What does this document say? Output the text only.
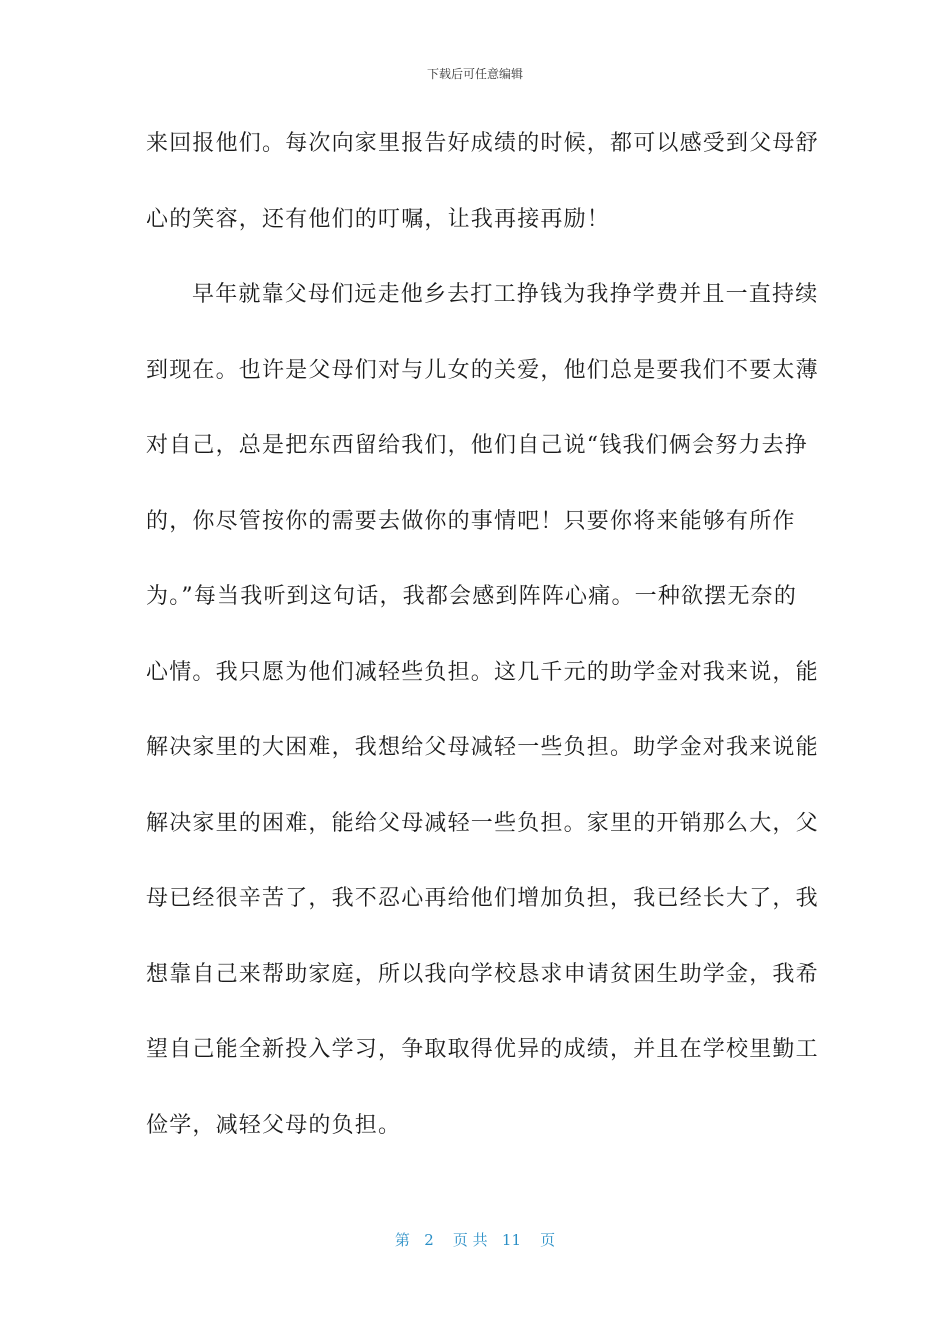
下载后可任意编辑
来回报他们。每次向家里报告好成绩的时候，都可以感受到父母舒
心的笑容，还有他们的叮嘱，让我再接再励！
早年就靠父母们远走他乡去打工挣钱为我挣学费并且一直持续
到现在。也许是父母们对与儿女的关爱，他们总是要我们不要太薄
对自己，总是把东西留给我们，他们自己说“钱我们俩会努力去挣
的，你尽管按你的需要去做你的事情吧！只要你将来能够有所作
为。”每当我听到这句话，我都会感到阵阵心痛。一种欲摆无奈的
心情。我只愿为他们减轻些负担。这几千元的助学金对我来说，能
解决家里的大困难，我想给父母减轻一些负担。助学金对我来说能
解决家里的困难，能给父母减轻一些负担。家里的开销那么大，父
母已经很辛苦了，我不忍心再给他们增加负担，我已经长大了，我
想靠自己来帮助家庭，所以我向学校恳求申请贫困生助学金，我希
望自己能全新投入学习，争取取得优异的成绩，并且在学校里勤工
俭学，减轻父母的负担。
第 2 页 共 11 页
